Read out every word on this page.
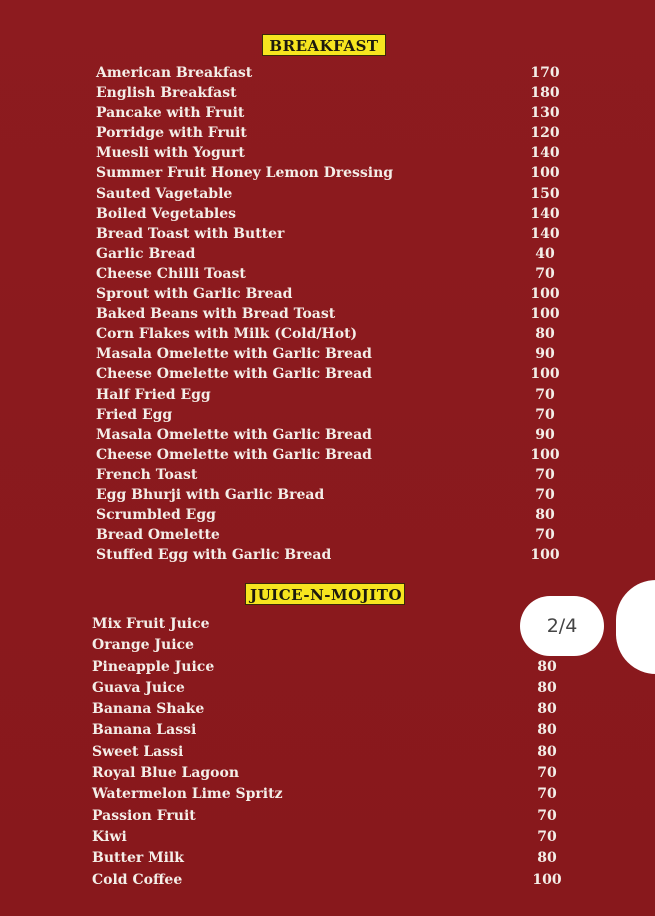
BREAKFAST
American Breakfast	170
English Breakfast	180
Pancake with Fruit	130
Porridge with Fruit	120
Muesli with Yogurt	140
Summer Fruit Honey Lemon Dressing	100
Sauted Vagetable	150
Boiled Vegetables	140
Bread Toast with Butter	140
Garlic Bread	40
Cheese Chilli Toast	70
Sprout with Garlic Bread	100
Baked Beans with Bread Toast	100
Corn Flakes with Milk (Cold/Hot)	80
Masala Omelette with Garlic Bread	90
Cheese Omelette with Garlic Bread	100
Half Fried Egg	70
Fried Egg	70
Masala Omelette with Garlic Bread	90
Cheese Omelette with Garlic Bread	100
French Toast	70
Egg Bhurji with Garlic Bread	70
Scrumbled Egg	80
Bread Omelette	70
Stuffed Egg with Garlic Bread	100
JUICE-N-MOJITO
Mix Fruit Juice
Orange Juice
Pineapple Juice	80
Guava Juice	80
Banana Shake	80
Banana Lassi	80
Sweet Lassi	80
Royal Blue Lagoon	70
Watermelon Lime Spritz	70
Passion Fruit	70
Kiwi	70
Butter Milk	80
Cold Coffee	100
2/4
